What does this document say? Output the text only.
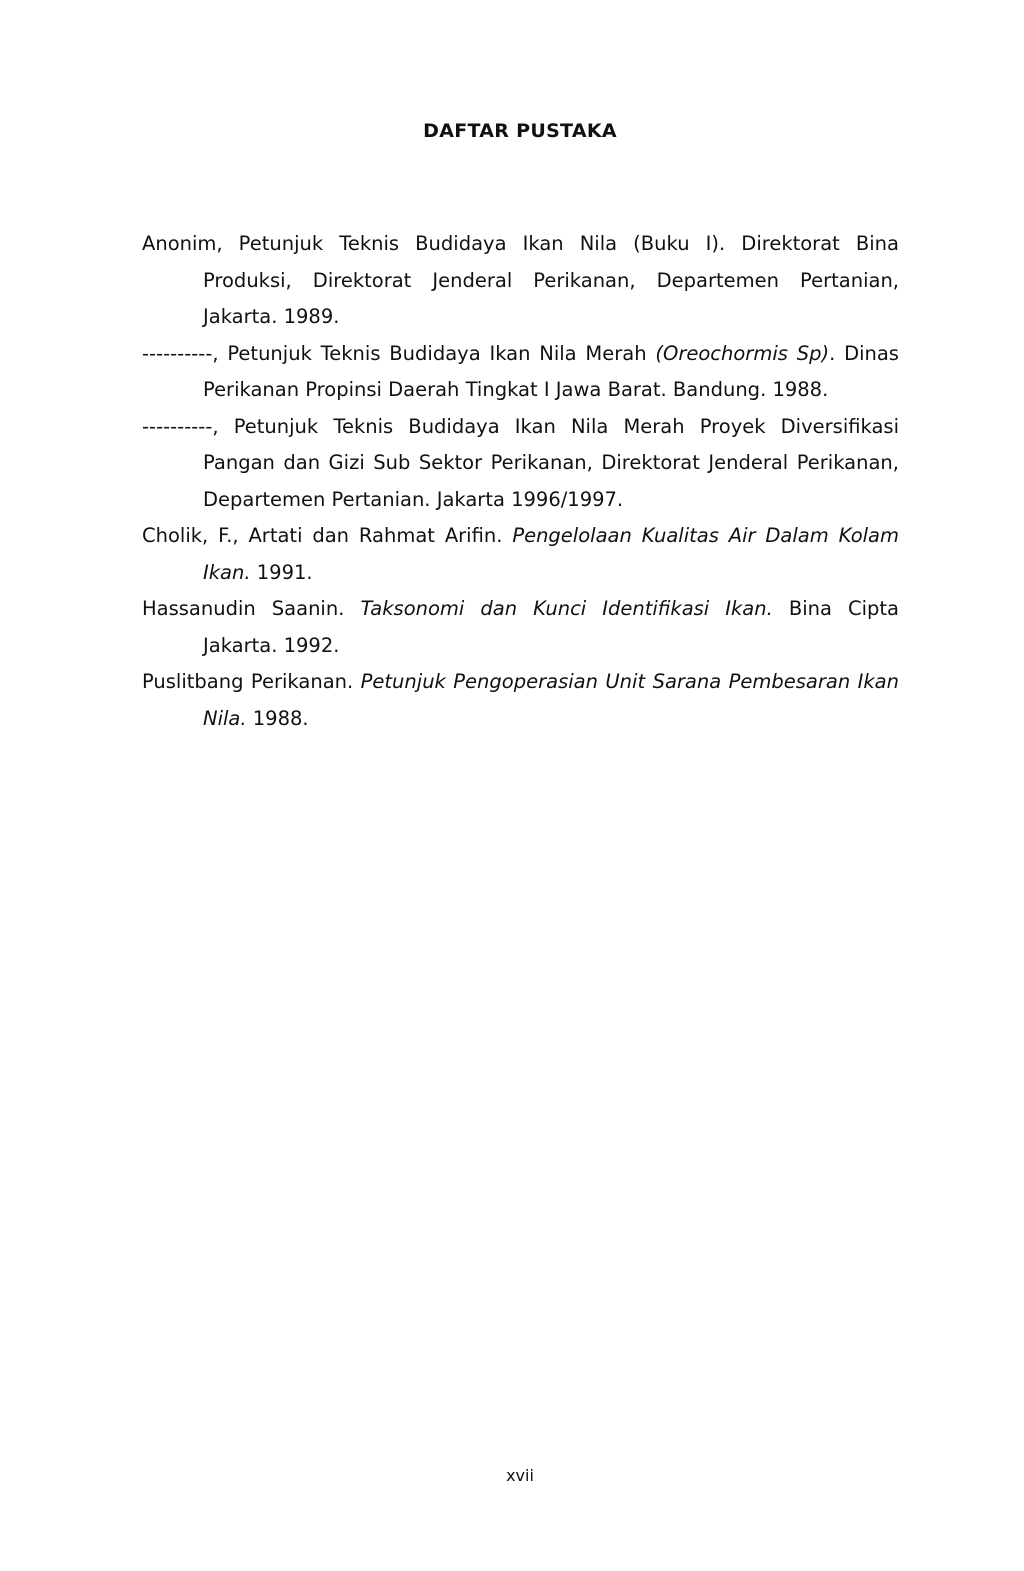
DAFTAR PUSTAKA
Anonim, Petunjuk Teknis Budidaya Ikan Nila (Buku I). Direktorat Bina Produksi, Direktorat Jenderal Perikanan, Departemen Pertanian, Jakarta. 1989.
----------, Petunjuk Teknis Budidaya Ikan Nila Merah (Oreochormis Sp). Dinas Perikanan Propinsi Daerah Tingkat I Jawa Barat. Bandung. 1988.
----------, Petunjuk Teknis Budidaya Ikan Nila Merah Proyek Diversifikasi Pangan dan Gizi Sub Sektor Perikanan, Direktorat Jenderal Perikanan, Departemen Pertanian. Jakarta 1996/1997.
Cholik, F., Artati dan Rahmat Arifin. Pengelolaan Kualitas Air Dalam Kolam Ikan. 1991.
Hassanudin Saanin. Taksonomi dan Kunci Identifikasi Ikan. Bina Cipta Jakarta. 1992.
Puslitbang Perikanan. Petunjuk Pengoperasian Unit Sarana Pembesaran Ikan Nila. 1988.
xvii
